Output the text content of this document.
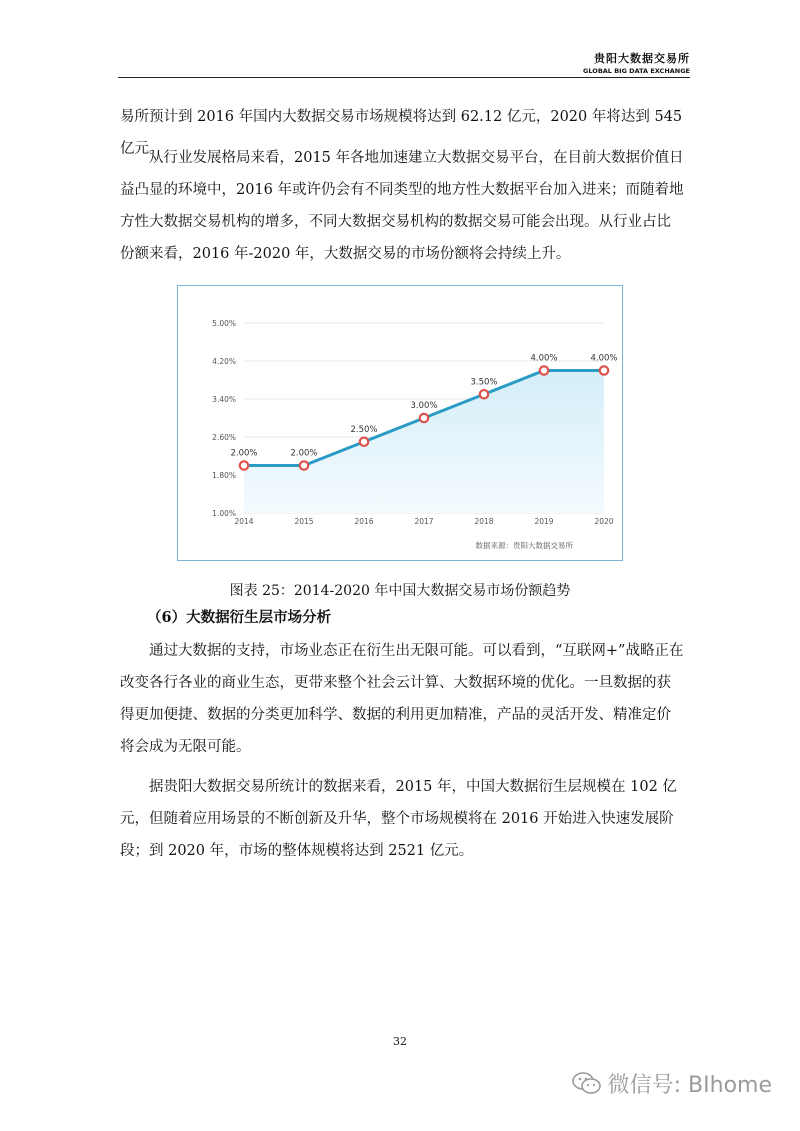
贵阳大数据交易所
GLOBAL BIG DATA EXCHANGE

易所预计到 2016 年国内大数据交易市场规模将达到 62.12 亿元，2020 年将达到 545 亿元。

从行业发展格局来看，2015 年各地加速建立大数据交易平台，在目前大数据价值日益凸显的环境中，2016 年或许仍会有不同类型的地方性大数据平台加入进来；而随着地方性大数据交易机构的增多，不同大数据交易机构的数据交易可能会出现。从行业占比份额来看，2016 年-2020 年，大数据交易的市场份额将会持续上升。

1.00%
1.80%
2.60%
3.40%
4.20%
5.00%
2014	2015	2016	2017	2018	2019	2020
2.00%	2.00%
2.50%
3.00%
3.50%
4.00%	4.00%
数据来源：贵阳大数据交易所
图表 25：2014-2020 年中国大数据交易市场份额趋势
（6）大数据衍生层市场分析

通过大数据的支持，市场业态正在衍生出无限可能。可以看到，“互联网+”战略正在改变各行各业的商业生态，更带来整个社会云计算、大数据环境的优化。一旦数据的获得更加便捷、数据的分类更加科学、数据的利用更加精准，产品的灵活开发、精准定价将会成为无限可能。

据贵阳大数据交易所统计的数据来看，2015 年，中国大数据衍生层规模在 102 亿元，但随着应用场景的不断创新及升华，整个市场规模将在 2016 开始进入快速发展阶段；到 2020 年，市场的整体规模将达到 2521 亿元。

32
微信号: BIhome
